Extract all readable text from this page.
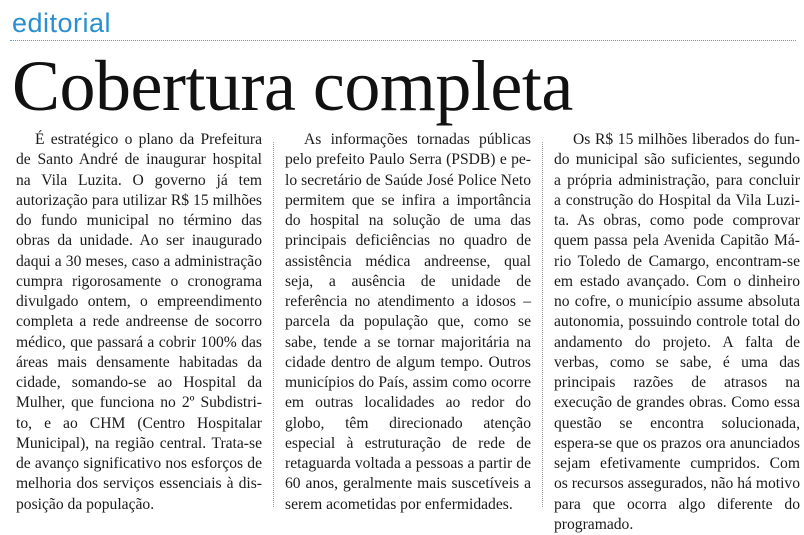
editorial
Cobertura completa

É estratégico o plano da Prefeitura de Santo André de inaugurar hospital na Vila Luzita. O governo já tem autorização para utilizar R$ 15 milhões do fundo municipal no término das obras da unidade. Ao ser inaugurado daqui a 30 meses, caso a administração cumpra rigorosamente o cronograma divulgado ontem, o empreendimento completa a rede andreense de socorro médico, que passará a cobrir 100% das áreas mais densamente habitadas da cidade, somando-se ao Hospital da Mulher, que funciona no 2º Subdistrito, e ao CHM (Centro Hospitalar Municipal), na região central. Trata-se de avanço significativo nos esforços de melhoria dos serviços essenciais à disposição da população.

As informações tornadas públicas pelo prefeito Paulo Serra (PSDB) e pelo secretário de Saúde José Police Neto permitem que se infira a importância do hospital na solução de uma das principais deficiências no quadro de assistência médica andreense, qual seja, a ausência de unidade de referência no atendimento a idosos – parcela da população que, como se sabe, tende a se tornar majoritária na cidade dentro de algum tempo. Outros municípios do País, assim como ocorre em outras localidades ao redor do globo, têm direcionado atenção especial à estruturação de rede de retaguarda voltada a pessoas a partir de 60 anos, geralmente mais suscetíveis a serem acometidas por enfermidades.

Os R$ 15 milhões liberados do fundo municipal são suficientes, segundo a própria administração, para concluir a construção do Hospital da Vila Luzita. As obras, como pode comprovar quem passa pela Avenida Capitão Mário Toledo de Camargo, encontram-se em estado avançado. Com o dinheiro no cofre, o município assume absoluta autonomia, possuindo controle total do andamento do projeto. A falta de verbas, como se sabe, é uma das principais razões de atrasos na execução de grandes obras. Como essa questão se encontra solucionada, espera-se que os prazos ora anunciados sejam efetivamente cumpridos. Com os recursos assegurados, não há motivo para que ocorra algo diferente do programado.
